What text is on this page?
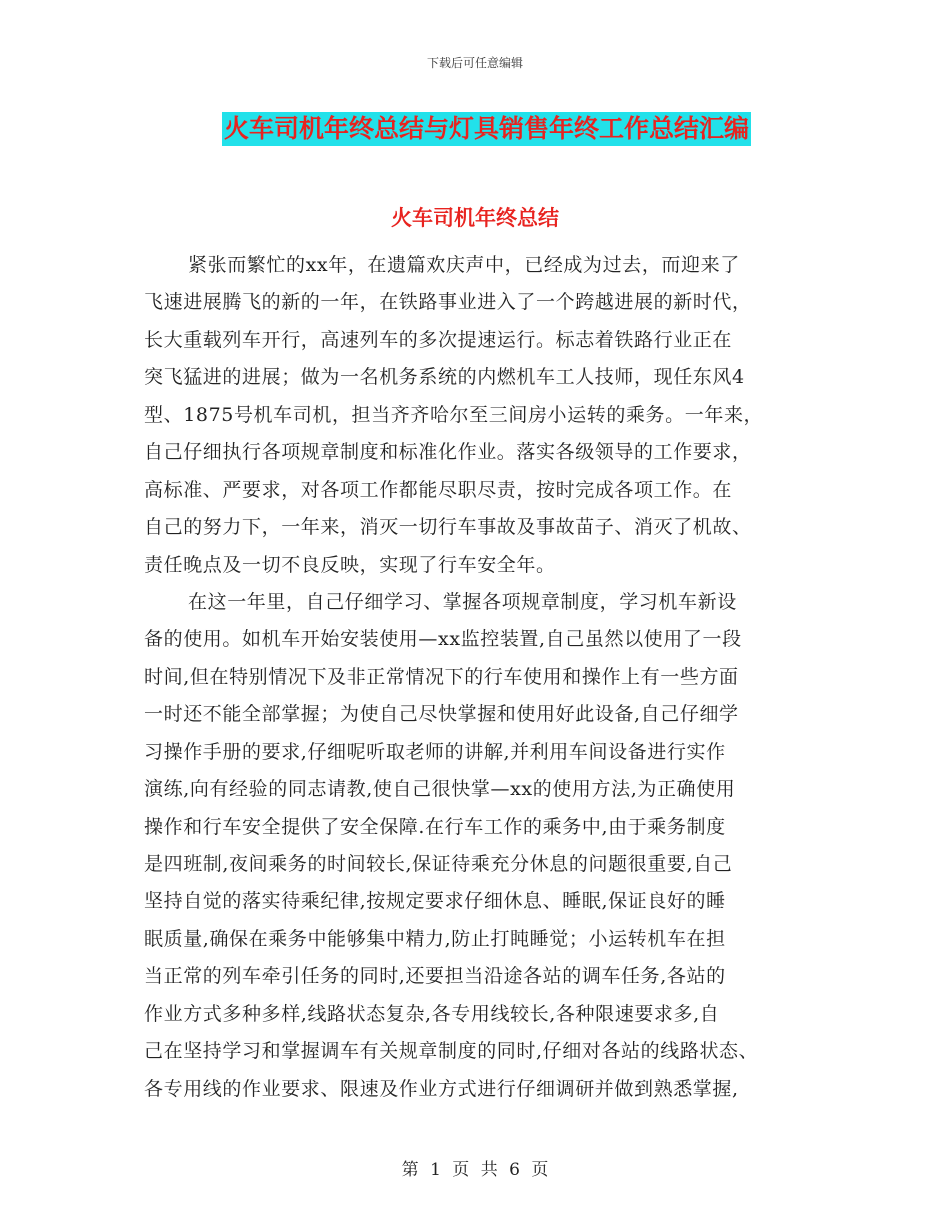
下载后可任意编辑
火车司机年终总结与灯具销售年终工作总结汇编
火车司机年终总结
紧张而繁忙的xx年，在遗篇欢庆声中，已经成为过去，而迎来了
飞速进展腾飞的新的一年，在铁路事业进入了一个跨越进展的新时代，
长大重载列车开行，高速列车的多次提速运行。标志着铁路行业正在
突飞猛进的进展；做为一名机务系统的内燃机车工人技师，现任东风4
型、1875号机车司机，担当齐齐哈尔至三间房小运转的乘务。一年来，
自己仔细执行各项规章制度和标准化作业。落实各级领导的工作要求，
高标准、严要求，对各项工作都能尽职尽责，按时完成各项工作。在
自己的努力下，一年来，消灭一切行车事故及事故苗子、消灭了机故、
责任晚点及一切不良反映，实现了行车安全年。
在这一年里，自己仔细学习、掌握各项规章制度，学习机车新设
备的使用。如机车开始安装使用—xx监控装置,自己虽然以使用了一段
时间,但在特别情况下及非正常情况下的行车使用和操作上有一些方面
一时还不能全部掌握；为使自己尽快掌握和使用好此设备,自己仔细学
习操作手册的要求,仔细呢听取老师的讲解,并利用车间设备进行实作
演练,向有经验的同志请教,使自己很快掌—xx的使用方法,为正确使用
操作和行车安全提供了安全保障.在行车工作的乘务中,由于乘务制度
是四班制,夜间乘务的时间较长,保证待乘充分休息的问题很重要,自己
坚持自觉的落实待乘纪律,按规定要求仔细休息、睡眠,保证良好的睡
眠质量,确保在乘务中能够集中精力,防止打盹睡觉；小运转机车在担
当正常的列车牵引任务的同时,还要担当沿途各站的调车任务,各站的
作业方式多种多样,线路状态复杂,各专用线较长,各种限速要求多,自
己在坚持学习和掌握调车有关规章制度的同时,仔细对各站的线路状态、
各专用线的作业要求、限速及作业方式进行仔细调研并做到熟悉掌握,
第 1 页 共 6 页
